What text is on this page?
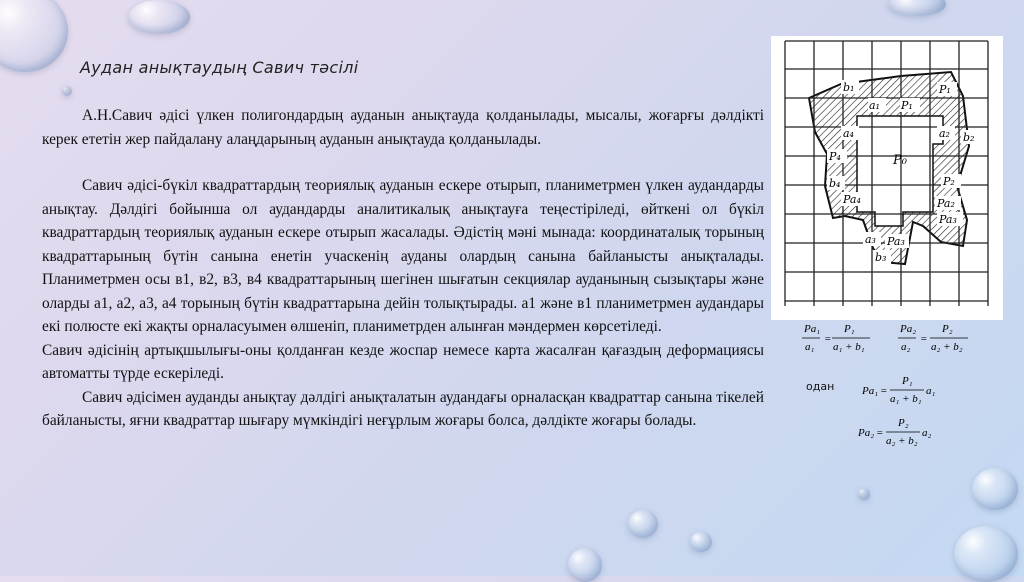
Аудан анықтаудың Савич тәсілі

А.Н.Савич әдісі үлкен полигондардың ауданын анықтауда қолданылады, мысалы, жоғарғы дәлдікті керек ететін жер пайдалану алаңдарының ауданын анықтауда қолданылады.

Савич әдісі-бүкіл квадраттардың теориялық ауданын ескере отырып, планиметрмен үлкен аудандарды анықтау. Дәлдігі бойынша ол аудандарды аналитикалық анықтауға теңестіріледі, өйткені ол бүкіл квадраттардың теориялық ауданын ескере отырып жасалады. Әдістің мәні мынада: координаталық торының квадраттарының бүтін санына енетін учаскенің ауданы олардың санына байланысты анықталады. Планиметрмен осы в1, в2, в3, в4 квадраттарының шегінен шығатын секциялар ауданының сызықтары және оларды а1, а2, а3, а4 торының бүтін квадраттарына дейін толықтырады. а1 және в1 планиметрмен аудандары екі полюсте екі жақты орналасуымен өлшеніп, планиметрден алынған мәндермен көрсетіледі.

Савич әдісінің артықшылығы-оны қолданған кезде жоспар немесе карта жасалған қағаздың деформациясы автоматты түрде ескеріледі.

Савич әдісімен ауданды анықтау дәлдігі анықталатын аудандағы орналасқан квадраттар санына тікелей байланысты, яғни квадраттар шығару мүмкіндігі неғұрлым жоғары болса, дәлдікте жоғары болады.

b₁
a₁ P₁
P₁
a₄	a₂ b₂
P₄	P₀
b₄	P₂
Pa₄	Pa₂
Pa₃
Pa₃
a₃
b₃
Pa₁
a₁
=
P₁
a₁ + b₁
Pa₂
a₂
=
P₂
a₂ + b₂
Pa₁ =
P₁
a₁ + b₁
a₁
Pa₂ =
P₂
a₂ + b₂
a₂
одан
